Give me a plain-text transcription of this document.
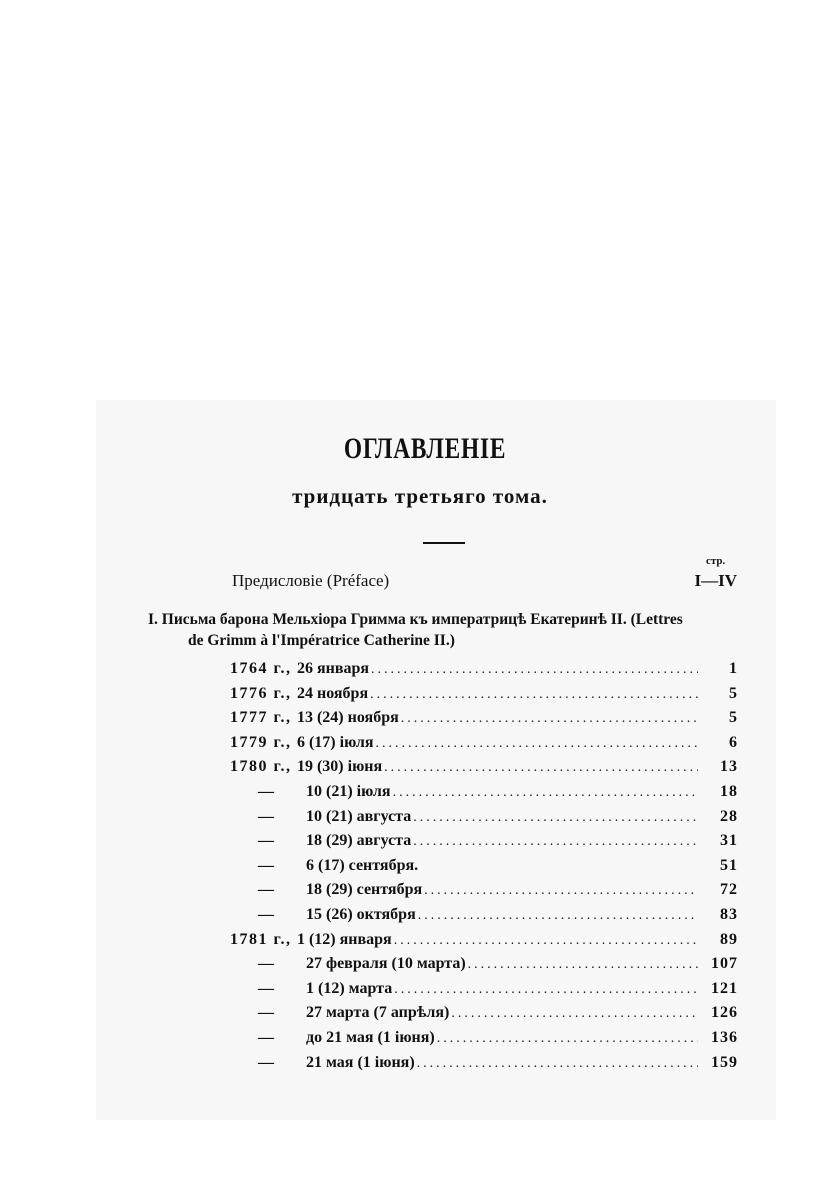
ОГЛАВЛЕНІЕ
тридцать третьяго тома.
стр.
Предисловіе (Préface)	I—IV
I. Письма барона Мельхіора Гримма къ императрицѣ Екатеринѣ II. (Lettres
de Grimm à l'Impératrice Catherine II.)
1764 г., 26 января .....	1
1776 г., 24 ноября .....	5
1777 г., 13 (24) ноября .....	5
1779 г., 6 (17) іюля .....	6
1780 г., 19 (30) іюня .....	13
—	10 (21) іюля .....	18
—	10 (21) августа .....	28
—	18 (29) августа .....	31
—	6 (17) сентября.	51
—	18 (29) сентября .....	72
—	15 (26) октября .....	83
1781 г., 1 (12) января .....	89
—	27 февраля (10 марта) .....	107
—	1 (12) марта .....	121
—	27 марта (7 апрѣля) .....	126
—	до 21 мая (1 іюня) .....	136
—	21 мая (1 іюня) .....	159
